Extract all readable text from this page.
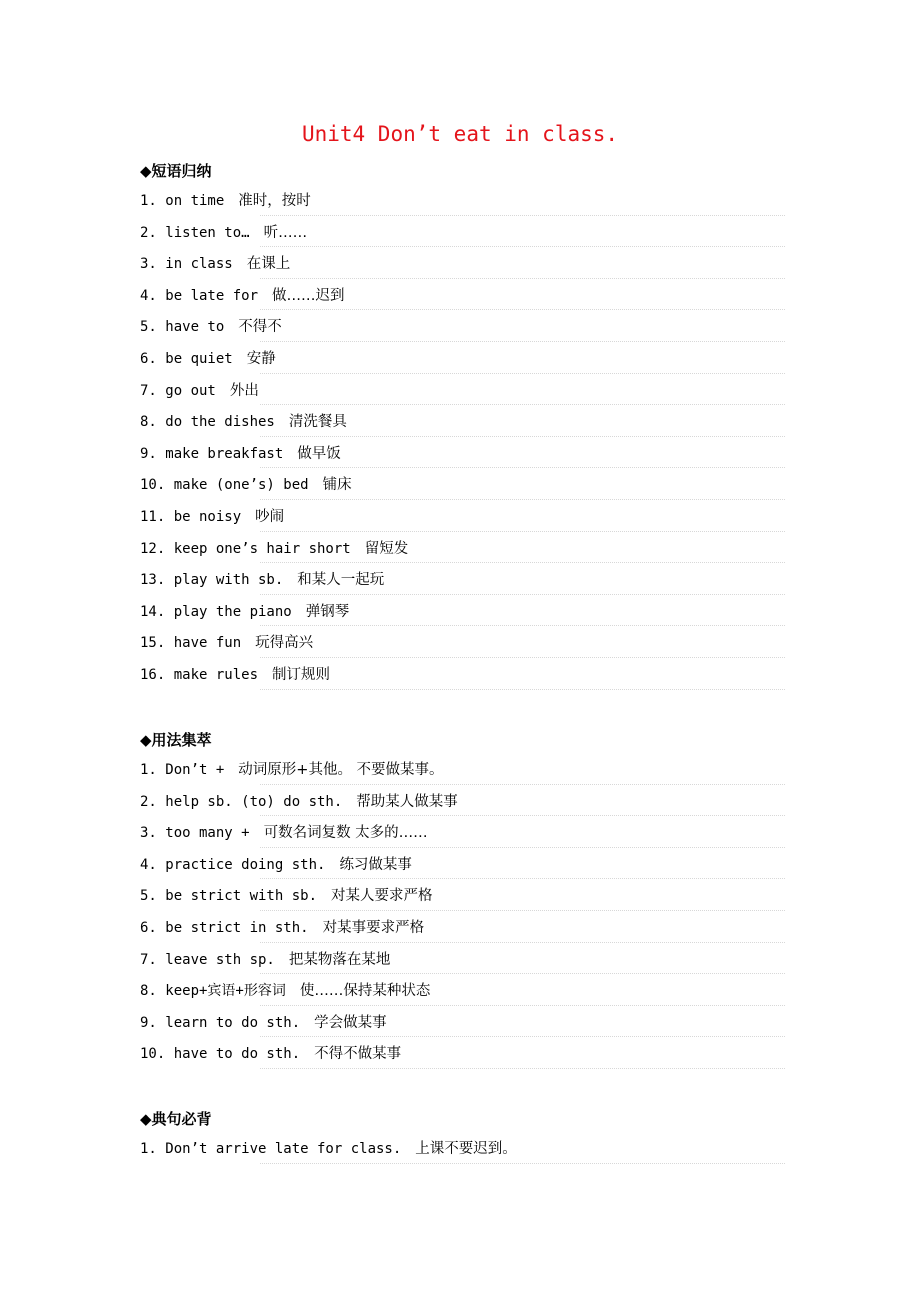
Unit4 Don’t eat in class.
◆短语归纳
1. on time 准时，按时
2. listen to… 听……
3. in class 在课上
4. be late for 做……迟到
5. have to 不得不
6. be quiet 安静
7. go out 外出
8. do the dishes 清洗餐具
9. make breakfast 做早饭
10. make (one’s) bed 铺床
11. be noisy 吵闹
12. keep one’s hair short 留短发
13. play with sb. 和某人一起玩
14. play the piano 弹钢琴
15. have fun 玩得高兴
16. make rules 制订规则
◆用法集萃
1. Don’t + 动词原形+其他。 不要做某事。
2. help sb. (to) do sth. 帮助某人做某事
3. too many + 可数名词复数 太多的……
4. practice doing sth. 练习做某事
5. be strict with sb. 对某人要求严格
6. be strict in sth. 对某事要求严格
7. leave sth sp. 把某物落在某地
8. keep+宾语+形容词 使……保持某种状态
9. learn to do sth. 学会做某事
10. have to do sth. 不得不做某事
◆典句必背
1. Don’t arrive late for class. 上课不要迟到。
